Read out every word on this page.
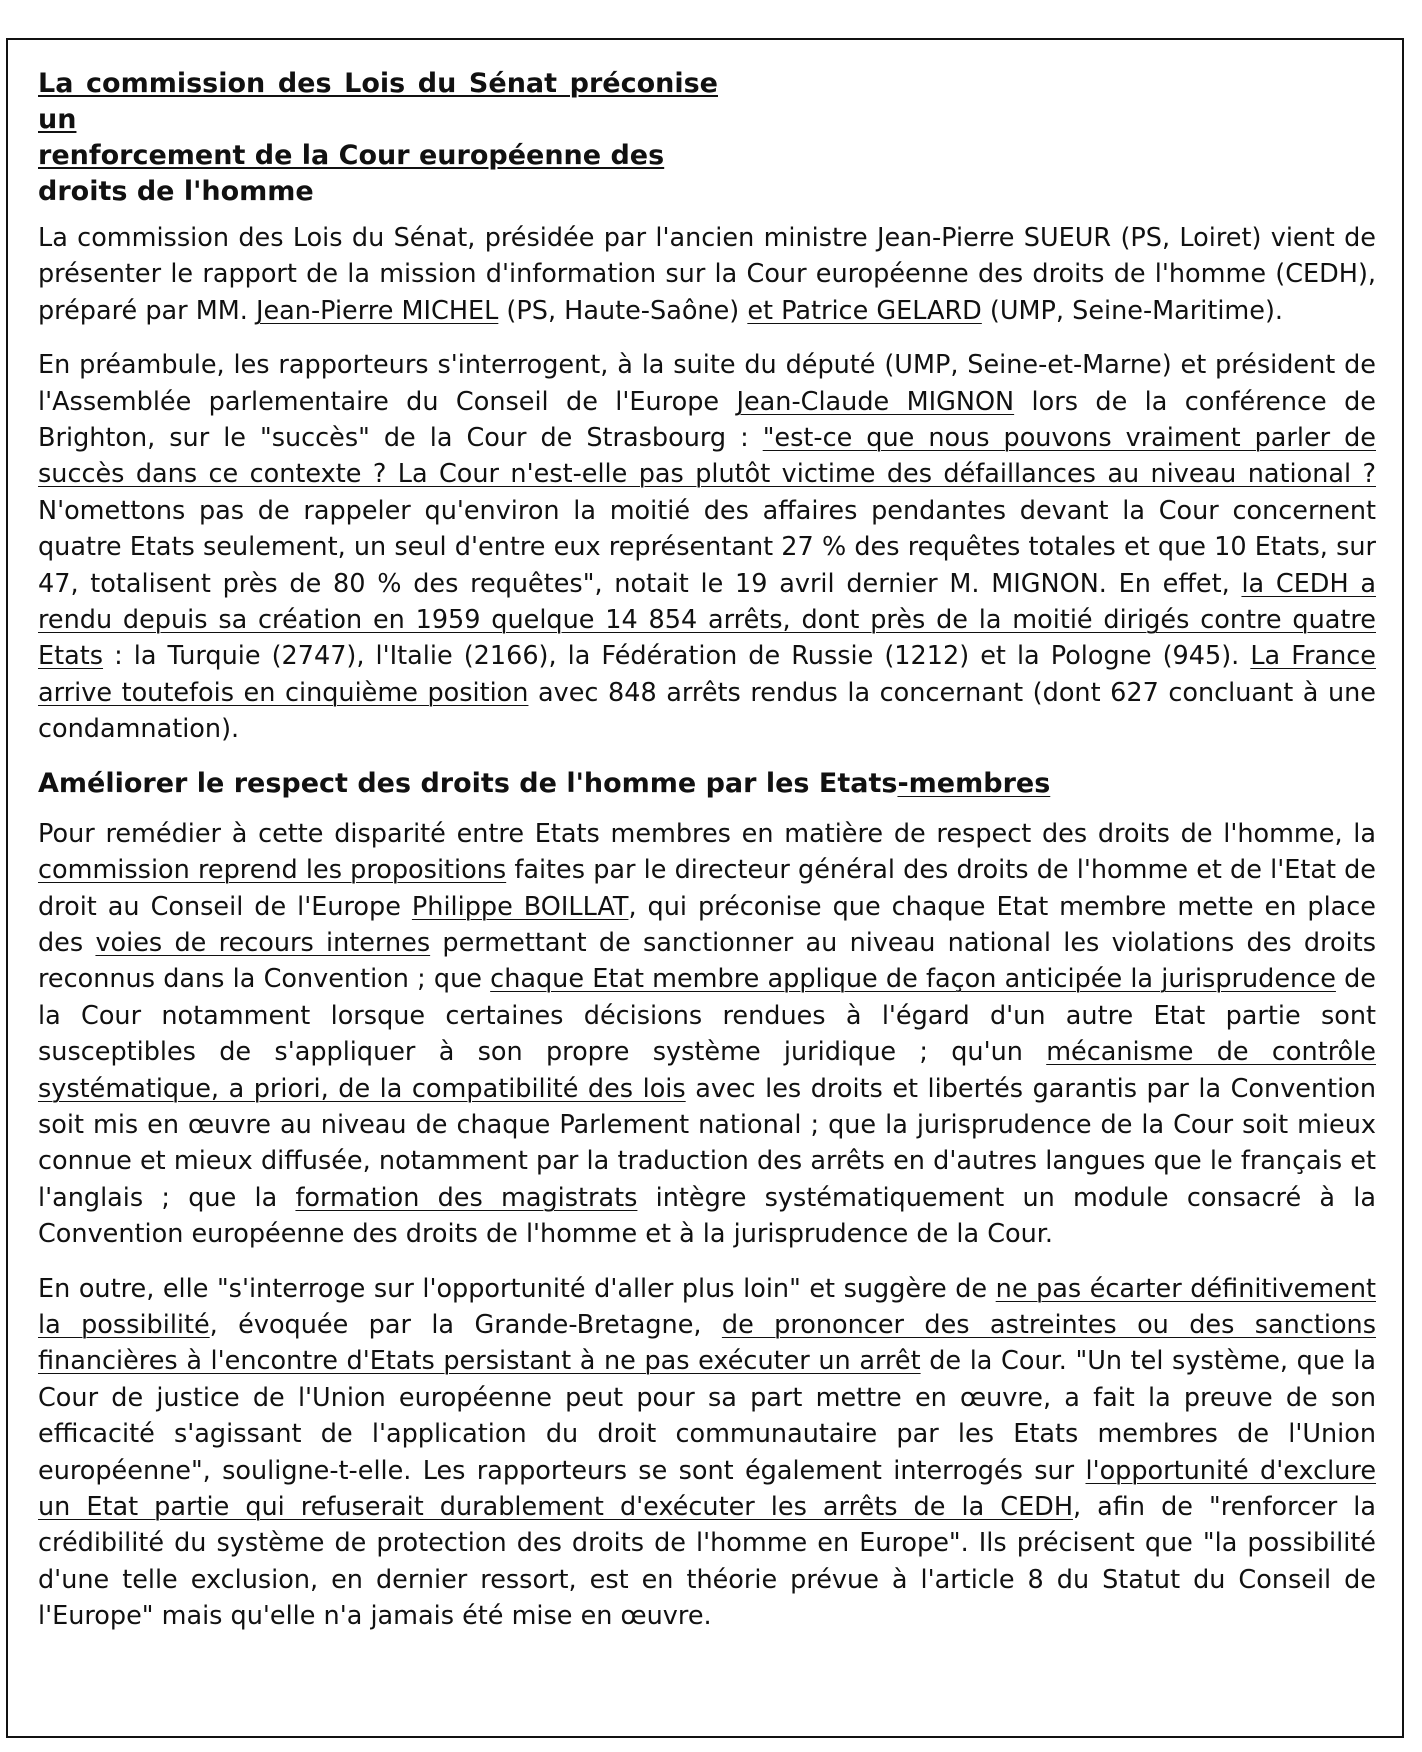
La commission des Lois du Sénat préconise un
renforcement de la Cour européenne des
droits de l'homme

La commission des Lois du Sénat, présidée par l'ancien ministre Jean-Pierre SUEUR (PS, Loiret) vient de présenter le rapport de la mission d'information sur la Cour européenne des droits de l'homme (CEDH), préparé par MM. Jean-Pierre MICHEL (PS, Haute-Saône) et Patrice GELARD (UMP, Seine-Maritime).

En préambule, les rapporteurs s'interrogent, à la suite du député (UMP, Seine-et-Marne) et président de l'Assemblée parlementaire du Conseil de l'Europe Jean-Claude MIGNON lors de la conférence de Brighton, sur le "succès" de la Cour de Strasbourg : "est-ce que nous pouvons vraiment parler de succès dans ce contexte ? La Cour n'est-elle pas plutôt victime des défaillances au niveau national ? N'omettons pas de rappeler qu'environ la moitié des affaires pendantes devant la Cour concernent quatre Etats seulement, un seul d'entre eux représentant 27 % des requêtes totales et que 10 Etats, sur 47, totalisent près de 80 % des requêtes", notait le 19 avril dernier M. MIGNON. En effet, la CEDH a rendu depuis sa création en 1959 quelque 14 854 arrêts, dont près de la moitié dirigés contre quatre Etats : la Turquie (2747), l'Italie (2166), la Fédération de Russie (1212) et la Pologne (945). La France arrive toutefois en cinquième position avec 848 arrêts rendus la concernant (dont 627 concluant à une condamnation).

Améliorer le respect des droits de l'homme par les Etats-membres

Pour remédier à cette disparité entre Etats membres en matière de respect des droits de l'homme, la commission reprend les propositions faites par le directeur général des droits de l'homme et de l'Etat de droit au Conseil de l'Europe Philippe BOILLAT, qui préconise que chaque Etat membre mette en place des voies de recours internes permettant de sanctionner au niveau national les violations des droits reconnus dans la Convention ; que chaque Etat membre applique de façon anticipée la jurisprudence de la Cour notamment lorsque certaines décisions rendues à l'égard d'un autre Etat partie sont susceptibles de s'appliquer à son propre système juridique ; qu'un mécanisme de contrôle systématique, a priori, de la compatibilité des lois avec les droits et libertés garantis par la Convention soit mis en œuvre au niveau de chaque Parlement national ; que la jurisprudence de la Cour soit mieux connue et mieux diffusée, notamment par la traduction des arrêts en d'autres langues que le français et l'anglais ; que la formation des magistrats intègre systématiquement un module consacré à la Convention européenne des droits de l'homme et à la jurisprudence de la Cour.

En outre, elle "s'interroge sur l'opportunité d'aller plus loin" et suggère de ne pas écarter définitivement la possibilité, évoquée par la Grande-Bretagne, de prononcer des astreintes ou des sanctions financières à l'encontre d'Etats persistant à ne pas exécuter un arrêt de la Cour. "Un tel système, que la Cour de justice de l'Union européenne peut pour sa part mettre en œuvre, a fait la preuve de son efficacité s'agissant de l'application du droit communautaire par les Etats membres de l'Union européenne", souligne-t-elle. Les rapporteurs se sont également interrogés sur l'opportunité d'exclure un Etat partie qui refuserait durablement d'exécuter les arrêts de la CEDH, afin de "renforcer la crédibilité du système de protection des droits de l'homme en Europe". Ils précisent que "la possibilité d'une telle exclusion, en dernier ressort, est en théorie prévue à l'article 8 du Statut du Conseil de l'Europe" mais qu'elle n'a jamais été mise en œuvre.
